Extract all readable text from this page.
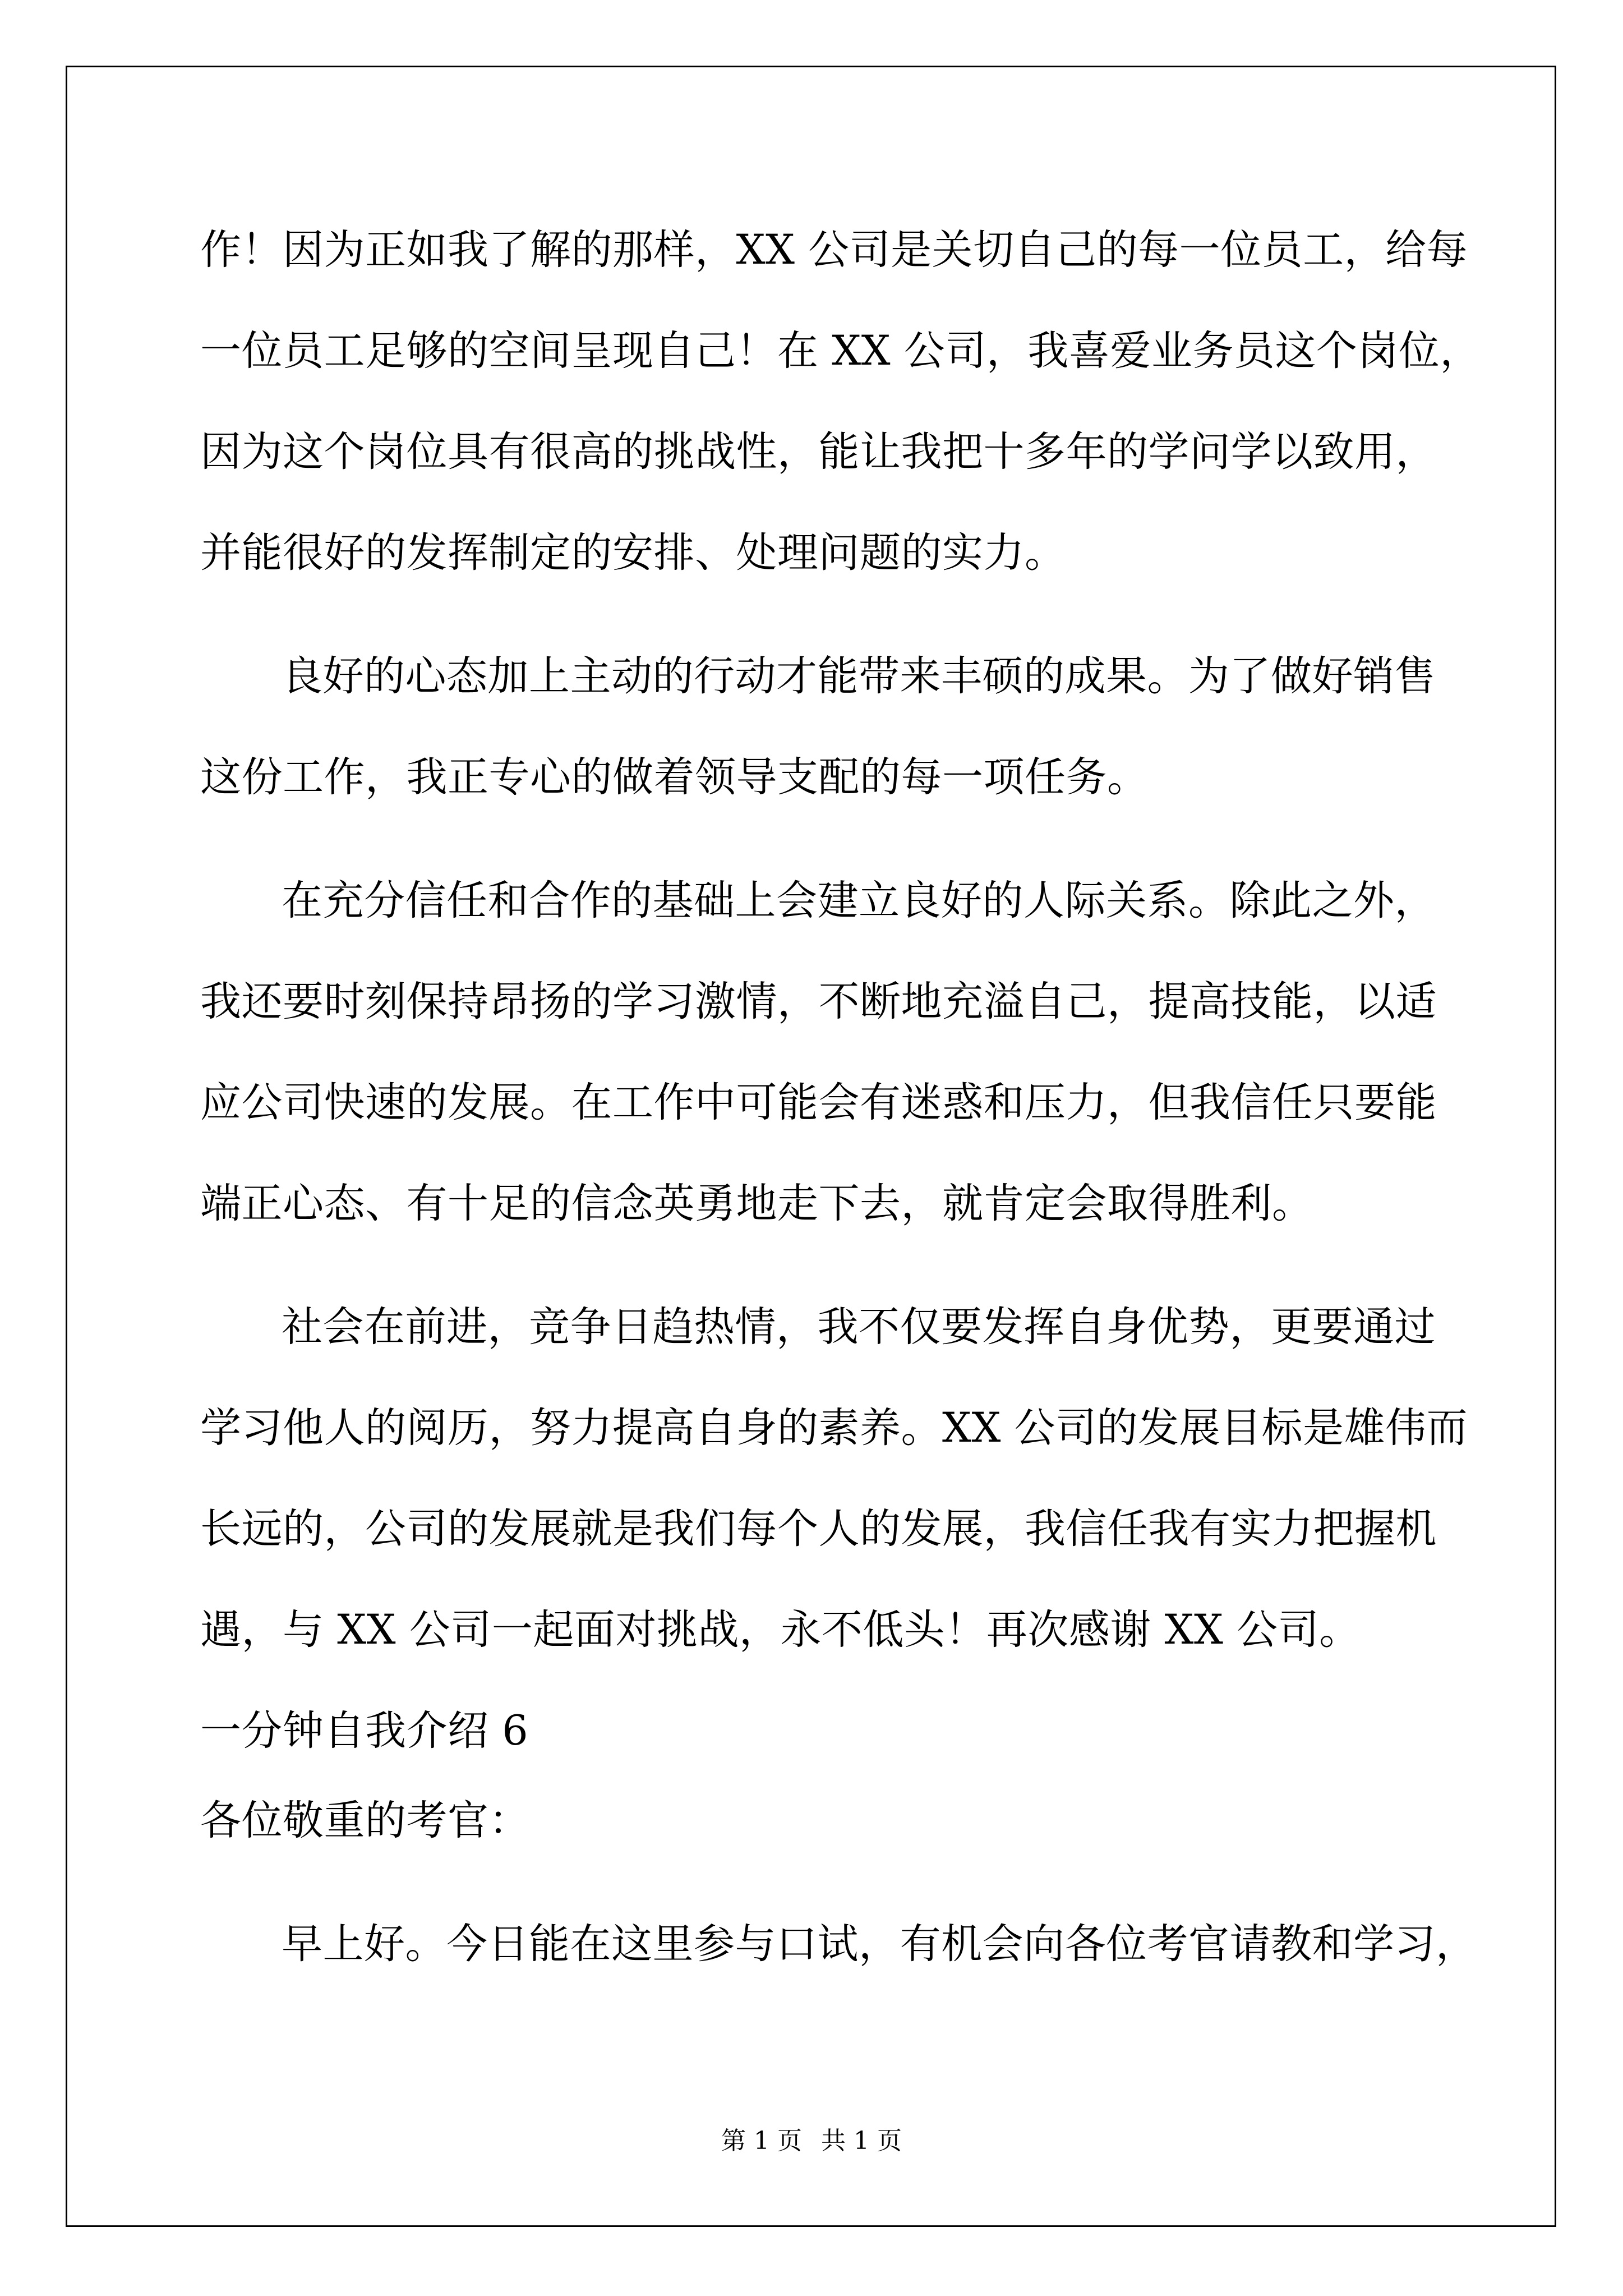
作！因为正如我了解的那样，XX 公司是关切自己的每一位员工，给每
一位员工足够的空间呈现自己！在 XX 公司，我喜爱业务员这个岗位，
因为这个岗位具有很高的挑战性，能让我把十多年的学问学以致用，
并能很好的发挥制定的安排、处理问题的实力。
良好的心态加上主动的行动才能带来丰硕的成果。为了做好销售
这份工作，我正专心的做着领导支配的每一项任务。
在充分信任和合作的基础上会建立良好的人际关系。除此之外，
我还要时刻保持昂扬的学习激情，不断地充溢自己，提高技能，以适
应公司快速的发展。在工作中可能会有迷惑和压力，但我信任只要能
端正心态、有十足的信念英勇地走下去，就肯定会取得胜利。
社会在前进，竞争日趋热情，我不仅要发挥自身优势，更要通过
学习他人的阅历，努力提高自身的素养。XX 公司的发展目标是雄伟而
长远的，公司的发展就是我们每个人的发展，我信任我有实力把握机
遇，与 XX 公司一起面对挑战，永不低头！再次感谢 XX 公司。
一分钟自我介绍 6
各位敬重的考官：
早上好。今日能在这里参与口试，有机会向各位考官请教和学习，
第 1 页 共 1 页
